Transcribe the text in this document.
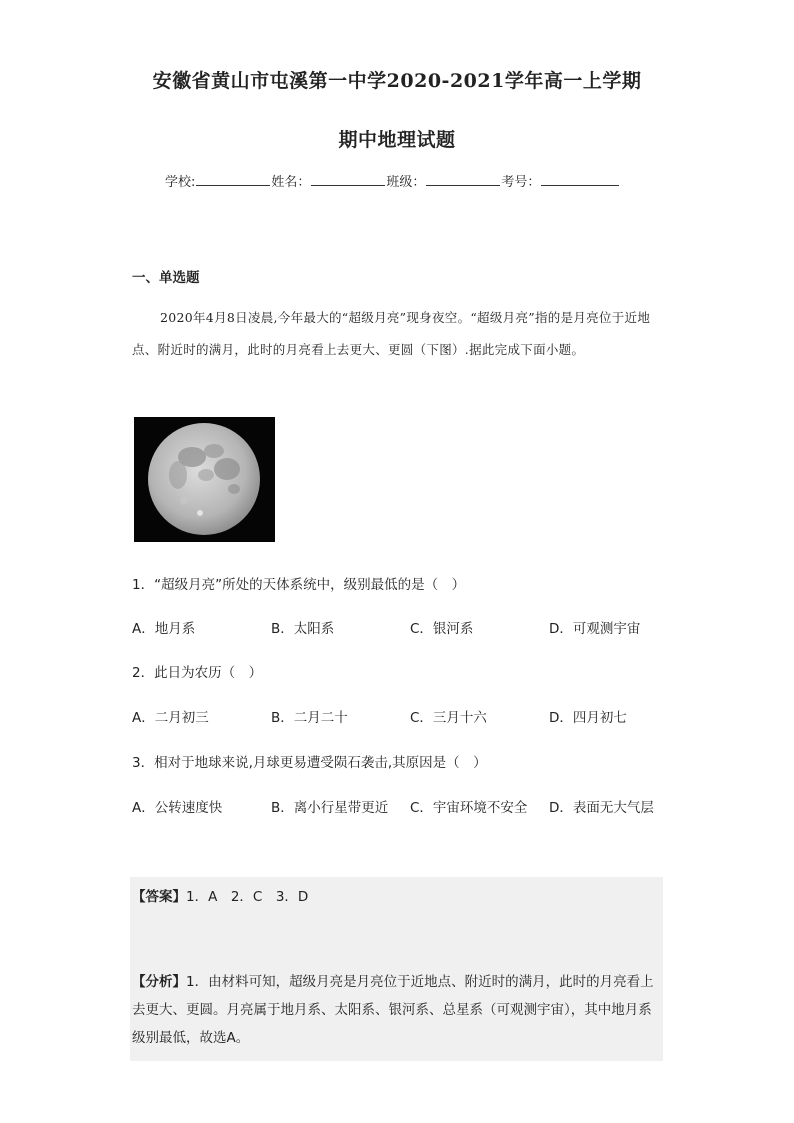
安徽省黄山市屯溪第一中学2020-2021学年高一上学期
期中地理试题
学校:	姓名：	班级：	考号：
一、单选题
2020年4月8日凌晨,今年最大的“超级月亮”现身夜空。“超级月亮”指的是月亮位于近地点、附近时的满月，此时的月亮看上去更大、更圆（下图）.据此完成下面小题。
1．“超级月亮”所处的天体系统中，级别最低的是（　）
A．地月系	B．太阳系	C．银河系	D．可观测宇宙
2．此日为农历（　）
A．二月初三	B．二月二十	C．三月十六	D．四月初七
3．相对于地球来说,月球更易遭受陨石袭击,其原因是（　）
A．公转速度快	B．离小行星带更近 C．宇宙环境不安全 D．表面无大气层
【答案】1．A　2．C　3．D
【分析】1．由材料可知，超级月亮是月亮位于近地点、附近时的满月，此时的月亮看上去更大、更圆。月亮属于地月系、太阳系、银河系、总星系（可观测宇宙），其中地月系级别最低，故选A。
